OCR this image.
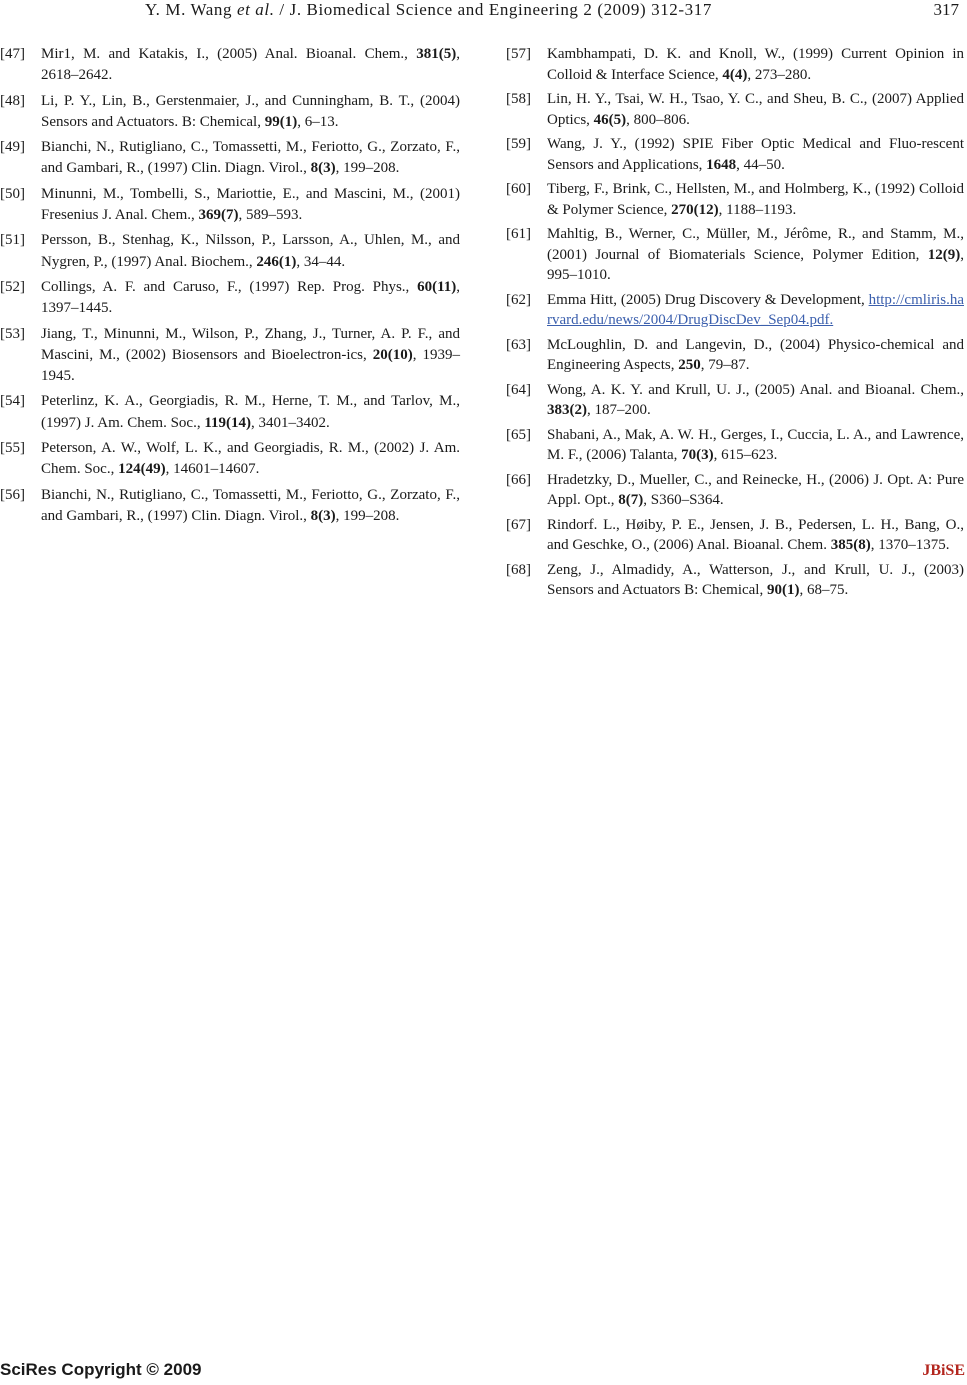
Y. M. Wang et al. / J. Biomedical Science and Engineering 2 (2009) 312-317	317
[47] Mir1, M. and Katakis, I., (2005) Anal. Bioanal. Chem., 381(5), 2618–2642.
[48] Li, P. Y., Lin, B., Gerstenmaier, J., and Cunningham, B. T., (2004) Sensors and Actuators. B: Chemical, 99(1), 6–13.
[49] Bianchi, N., Rutigliano, C., Tomassetti, M., Feriotto, G., Zorzato, F., and Gambari, R., (1997) Clin. Diagn. Virol., 8(3), 199–208.
[50] Minunni, M., Tombelli, S., Mariottie, E., and Mascini, M., (2001) Fresenius J. Anal. Chem., 369(7), 589–593.
[51] Persson, B., Stenhag, K., Nilsson, P., Larsson, A., Uhlen, M., and Nygren, P., (1997) Anal. Biochem., 246(1), 34–44.
[52] Collings, A. F. and Caruso, F., (1997) Rep. Prog. Phys., 60(11), 1397–1445.
[53] Jiang, T., Minunni, M., Wilson, P., Zhang, J., Turner, A. P. F., and Mascini, M., (2002) Biosensors and Bioelectron-ics, 20(10), 1939–1945.
[54] Peterlinz, K. A., Georgiadis, R. M., Herne, T. M., and Tarlov, M., (1997) J. Am. Chem. Soc., 119(14), 3401–3402.
[55] Peterson, A. W., Wolf, L. K., and Georgiadis, R. M., (2002) J. Am. Chem. Soc., 124(49), 14601–14607.
[56] Bianchi, N., Rutigliano, C., Tomassetti, M., Feriotto, G., Zorzato, F., and Gambari, R., (1997) Clin. Diagn. Virol., 8(3), 199–208.
[57] Kambhampati, D. K. and Knoll, W., (1999) Current Opinion in Colloid & Interface Science, 4(4), 273–280.
[58] Lin, H. Y., Tsai, W. H., Tsao, Y. C., and Sheu, B. C., (2007) Applied Optics, 46(5), 800–806.
[59] Wang, J. Y., (1992) SPIE Fiber Optic Medical and Fluo-rescent Sensors and Applications, 1648, 44–50.
[60] Tiberg, F., Brink, C., Hellsten, M., and Holmberg, K., (1992) Colloid & Polymer Science, 270(12), 1188–1193.
[61] Mahltig, B., Werner, C., Müller, M., Jérôme, R., and Stamm, M., (2001) Journal of Biomaterials Science, Polymer Edition, 12(9), 995–1010.
[62] Emma Hitt, (2005) Drug Discovery & Development, http://cmliris.harvard.edu/news/2004/DrugDiscDev_Sep04.pdf.
[63] McLoughlin, D. and Langevin, D., (2004) Physico-chemical and Engineering Aspects, 250, 79–87.
[64] Wong, A. K. Y. and Krull, U. J., (2005) Anal. and Bioanal. Chem., 383(2), 187–200.
[65] Shabani, A., Mak, A. W. H., Gerges, I., Cuccia, L. A., and Lawrence, M. F., (2006) Talanta, 70(3), 615–623.
[66] Hradetzky, D., Mueller, C., and Reinecke, H., (2006) J. Opt. A: Pure Appl. Opt., 8(7), S360–S364.
[67] Rindorf. L., Høiby, P. E., Jensen, J. B., Pedersen, L. H., Bang, O., and Geschke, O., (2006) Anal. Bioanal. Chem. 385(8), 1370–1375.
[68] Zeng, J., Almadidy, A., Watterson, J., and Krull, U. J., (2003) Sensors and Actuators B: Chemical, 90(1), 68–75.
SciRes Copyright © 2009	JBiSE
